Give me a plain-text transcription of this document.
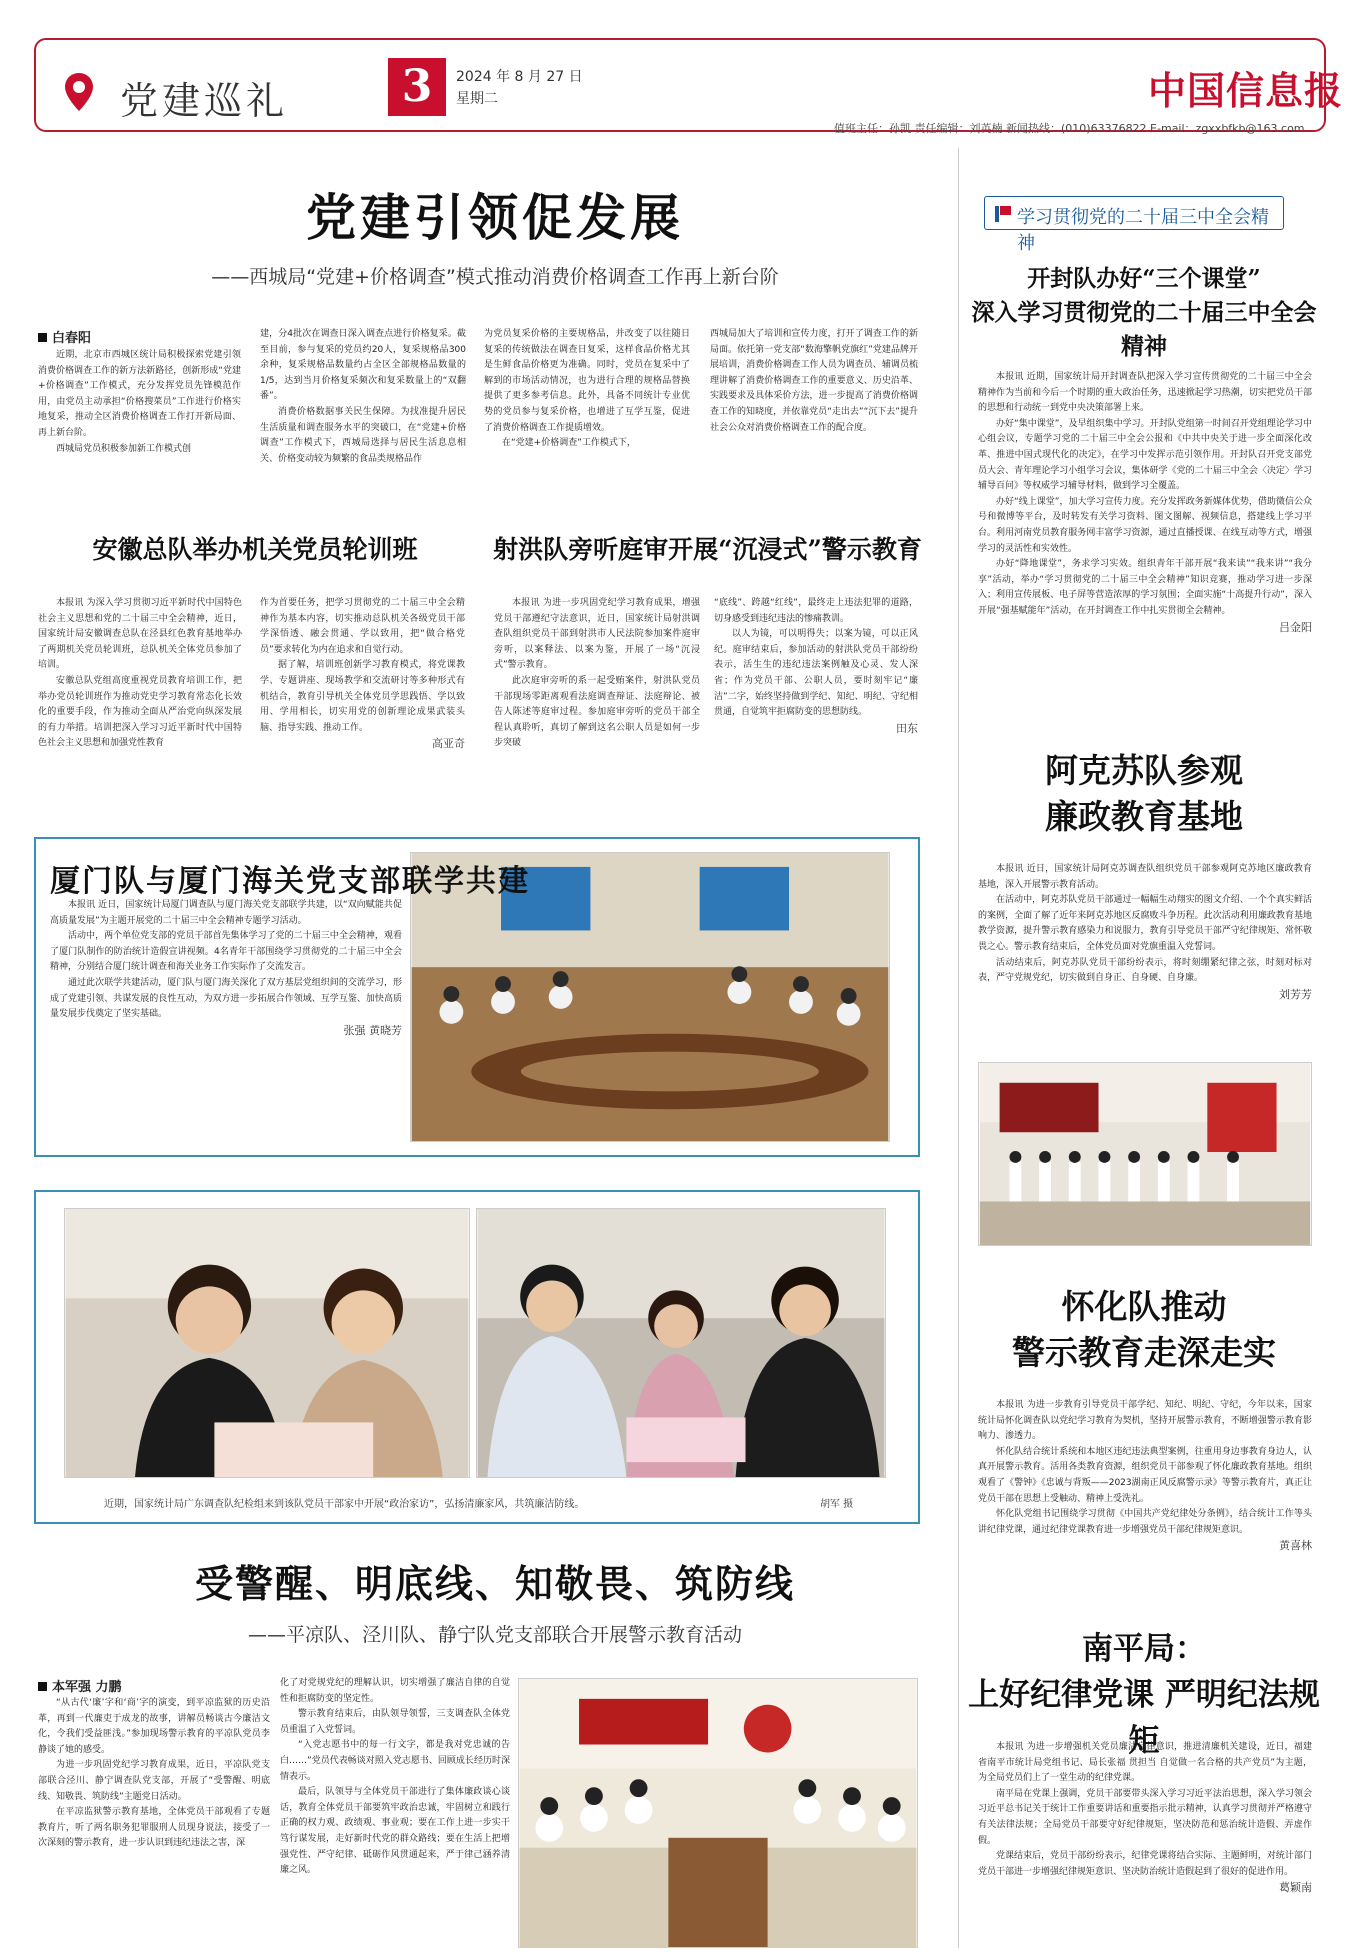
党建巡礼	3	2024 年 8 月 27 日
星期二	中国信息报
值班主任：孙凯 责任编辑：刘英楠 新闻热线：(010)63376822 E-mail：zgxxbfkb@163.com
党建引领促发展
——西城局“党建+价格调查”模式推动消费价格调查工作再上新台阶
白春阳

近期，北京市西城区统计局积极探索党建引领消费价格调查工作的新方法新路径，创新形成“党建+价格调查”工作模式，充分发挥党员先锋模范作用，由党员主动承担“价格搜菜员”工作进行价格实地复采，推动全区消费价格调查工作打开新局面、再上新台阶。

西城局党员积极参加新工作模式创

建，分4批次在调查日深入调查点进行价格复采。截至目前，参与复采的党员约20人，复采规格品300余种，复采规格品数量约占全区全部规格品数量的1/5，达到当月价格复采频次和复采数量上的“双翻番”。

消费价格数据事关民生保障。为找准提升居民生活质量和调查服务水平的突破口，在“党建+价格调查”工作模式下，西城局选择与居民生活息息相关、价格变动较为频繁的食品类规格品作

为党员复采价格的主要规格品，并改变了以往随日复采的传统做法在调查日复采，这样食品价格尤其是生鲜食品价格更为准确。同时，党员在复采中了解到的市场活动情况，也为进行合理的规格品替换提供了更多参考信息。此外，具备不同统计专业优势的党员参与复采价格，也增进了互学互鉴，促进了消费价格调查工作提质增效。

在“党建+价格调查”工作模式下，

西城局加大了培训和宣传力度，打开了调查工作的新局面。依托第一党支部“数海擎帆党旗红”党建品牌开展培训，消费价格调查工作人员为调查员、辅调员梳理讲解了消费价格调查工作的重要意义、历史沿革、实践要求及具体采价方法，进一步提高了消费价格调查工作的知晓度，并依靠党员“走出去”“沉下去”提升社会公众对消费价格调查工作的配合度。

安徽总队举办机关党员轮训班

本报讯 为深入学习贯彻习近平新时代中国特色社会主义思想和党的二十届三中全会精神，近日，国家统计局安徽调查总队在泾县红色教育基地举办了两期机关党员轮训班，总队机关全体党员参加了培训。

安徽总队党组高度重视党员教育培训工作，把举办党员轮训班作为推动党史学习教育常态化长效化的重要手段，作为推动全面从严治党向纵深发展的有力举措。培训把深入学习习近平新时代中国特色社会主义思想和加强党性教育

作为首要任务，把学习贯彻党的二十届三中全会精神作为基本内容，切实推动总队机关各级党员干部学深悟透、融会贯通、学以致用，把“做合格党员”要求转化为内在追求和自觉行动。

据了解，培训班创新学习教育模式，将党课教学、专题讲座、现场教学和交流研讨等多种形式有机结合，教育引导机关全体党员学思践悟、学以致用、学用相长，切实用党的创新理论成果武装头脑、指导实践、推动工作。

高亚奇
射洪队旁听庭审开展“沉浸式”警示教育

本报讯 为进一步巩固党纪学习教育成果，增强党员干部遵纪守法意识，近日，国家统计局射洪调查队组织党员干部到射洪市人民法院参加案件庭审旁听，以案释法、以案为鉴，开展了一场“沉浸式”警示教育。

此次庭审旁听的系一起受贿案件，射洪队党员干部现场零距离观看法庭调查辩证、法庭辩论、被告人陈述等庭审过程。参加庭审旁听的党员干部全程认真聆听，真切了解到这名公职人员是如何一步步突破

“底线”、跨越“红线”，最终走上违法犯罪的道路，切身感受到违纪违法的惨痛教训。

以人为镜，可以明得失；以案为镜，可以正风纪。庭审结束后，参加活动的射洪队党员干部纷纷表示，活生生的违纪违法案例触及心灵、发人深省；作为党员干部、公职人员，要时刻牢记“廉洁”二字，始终坚持做到学纪、知纪、明纪、守纪相贯通，自觉筑牢拒腐防变的思想防线。

田东
厦门队与厦门海关党支部联学共建

本报讯 近日，国家统计局厦门调查队与厦门海关党支部联学共建，以“双向赋能共促高质量发展”为主题开展党的二十届三中全会精神专题学习活动。

活动中，两个单位党支部的党员干部首先集体学习了党的二十届三中全会精神，观看了厦门队制作的防治统计造假宣讲视频。4名青年干部围绕学习贯彻党的二十届三中全会精神，分别结合厦门统计调查和海关业务工作实际作了交流发言。

通过此次联学共建活动，厦门队与厦门海关深化了双方基层党组织间的交流学习，形成了党建引领、共谋发展的良性互动，为双方进一步拓展合作领域、互学互鉴、加快高质量发展步伐奠定了坚实基础。

张强 黄晓芳
近期，国家统计局广东调查队纪检组来到该队党员干部家中开展“政治家访”，弘扬清廉家风，共筑廉洁防线。	胡军 摄
受警醒、明底线、知敬畏、筑防线
——平凉队、泾川队、静宁队党支部联合开展警示教育活动
本军强 力鹏

“从古代‘廉’字和‘商’字的演变，到平凉监狱的历史沿革，再到一代廉吏于成龙的故事，讲解员畅谈古今廉洁文化，令我们受益匪浅。”参加现场警示教育的平凉队党员李静谈了她的感受。

为进一步巩固党纪学习教育成果，近日，平凉队党支部联合泾川、静宁调查队党支部，开展了“受警醒、明底线、知敬畏、筑防线”主题党日活动。

在平凉监狱警示教育基地，全体党员干部观看了专题教育片，听了两名职务犯罪服刑人员现身说法，接受了一次深刻的警示教育，进一步认识到违纪违法之害，深

化了对党规党纪的理解认识，切实增强了廉洁自律的自觉性和拒腐防变的坚定性。

警示教育结束后，由队领导领誓，三支调查队全体党员重温了入党誓词。

“入党志愿书中的每一行文字，都是我对党忠诚的告白……”党员代表畅谈对照入党志愿书、回顾成长经历时深情表示。

最后，队领导与全体党员干部进行了集体廉政谈心谈话，教育全体党员干部要筑牢政治忠诚，牢固树立和践行正确的权力观、政绩观、事业观；要在工作上进一步实干笃行谋发展，走好新时代党的群众路线；要在生活上把增强党性、严守纪律、砥砺作风贯通起来，严于律己涵养清廉之风。

学习贯彻党的二十届三中全会精神
开封队办好“三个课堂”
深入学习贯彻党的二十届三中全会精神

本报讯 近期，国家统计局开封调查队把深入学习宣传贯彻党的二十届三中全会精神作为当前和今后一个时期的重大政治任务，迅速掀起学习热潮，切实把党员干部的思想和行动统一到党中央决策部署上来。

办好“集中课堂”，及早组织集中学习。开封队党组第一时间召开党组理论学习中心组会议，专题学习党的二十届三中全会公报和《中共中央关于进一步全面深化改革、推进中国式现代化的决定》，在学习中发挥示范引领作用。开封队召开党支部党员大会、青年理论学习小组学习会议，集体研学《党的二十届三中全会〈决定〉学习辅导百问》等权威学习辅导材料，做到学习全覆盖。

办好“线上课堂”，加大学习宣传力度。充分发挥政务新媒体优势，借助微信公众号和微博等平台，及时转发有关学习资料、图文图解、视频信息，搭建线上学习平台。利用河南党员教育服务网丰富学习资源，通过直播授课、在线互动等方式，增强学习的灵活性和实效性。

办好“降地课堂”，务求学习实效。组织青年干部开展“我来读”“我来讲”“我分享”活动，举办“学习贯彻党的二十届三中全会精神”知识竞赛，推动学习进一步深入；利用宣传展板、电子屏等营造浓厚的学习氛围；全面实施“十高提升行动”，深入开展“强基赋能年”活动，在开封调查工作中扎实贯彻全会精神。

吕金阳
阿克苏队参观
廉政教育基地

本报讯 近日，国家统计局阿克苏调查队组织党员干部参观阿克苏地区廉政教育基地，深入开展警示教育活动。

在活动中，阿克苏队党员干部通过一幅幅生动翔实的图文介绍、一个个真实鲜活的案例，全面了解了近年来阿克苏地区反腐败斗争历程。此次活动利用廉政教育基地教学资源，提升警示教育感染力和说服力，教育引导党员干部严守纪律规矩、常怀敬畏之心。警示教育结束后，全体党员面对党旗重温入党誓词。

活动结束后，阿克苏队党员干部纷纷表示，将时刻绷紧纪律之弦，时刻对标对表，严守党规党纪，切实做到自身正、自身硬、自身廉。

刘芳芳
怀化队推动
警示教育走深走实

本报讯 为进一步教育引导党员干部学纪、知纪、明纪、守纪，今年以来，国家统计局怀化调查队以党纪学习教育为契机，坚持开展警示教育，不断增强警示教育影响力、渗透力。

怀化队结合统计系统和本地区违纪违法典型案例，往重用身边事教育身边人，认真开展警示教育。活用各类教育资源，组织党员干部参观了怀化廉政教育基地。组织观看了《警钟》《忠诚与背叛——2023湖南正风反腐警示录》等警示教育片，真正让党员干部在思想上受触动、精神上受洗礼。

怀化队党组书记围绕学习贯彻《中国共产党纪律处分条例》，结合统计工作等头讲纪律党课，通过纪律党课教育进一步增强党员干部纪律规矩意识。

黄喜林
南平局：
上好纪律党课 严明纪法规矩

本报讯 为进一步增强机关党员廉洁自律意识，推进清廉机关建设，近日，福建省南平市统计局党组书记、局长张福 贯担当 自觉做一名合格的共产党员”为主题，为全局党员们上了一堂生动的纪律党课。

南平局在党课上强调，党员干部要带头深入学习习近平法治思想，深入学习领会习近平总书记关于统计工作重要讲话和重要指示批示精神，认真学习贯彻并严格遵守有关法律法规；全局党员干部要守好纪律规矩，坚决防范和惩治统计造假、弄虚作假。

党课结束后，党员干部纷纷表示，纪律党课将结合实际、主题鲜明，对统计部门党员干部进一步增强纪律规矩意识、坚决防治统计造假起到了很好的促进作用。

葛颖南
